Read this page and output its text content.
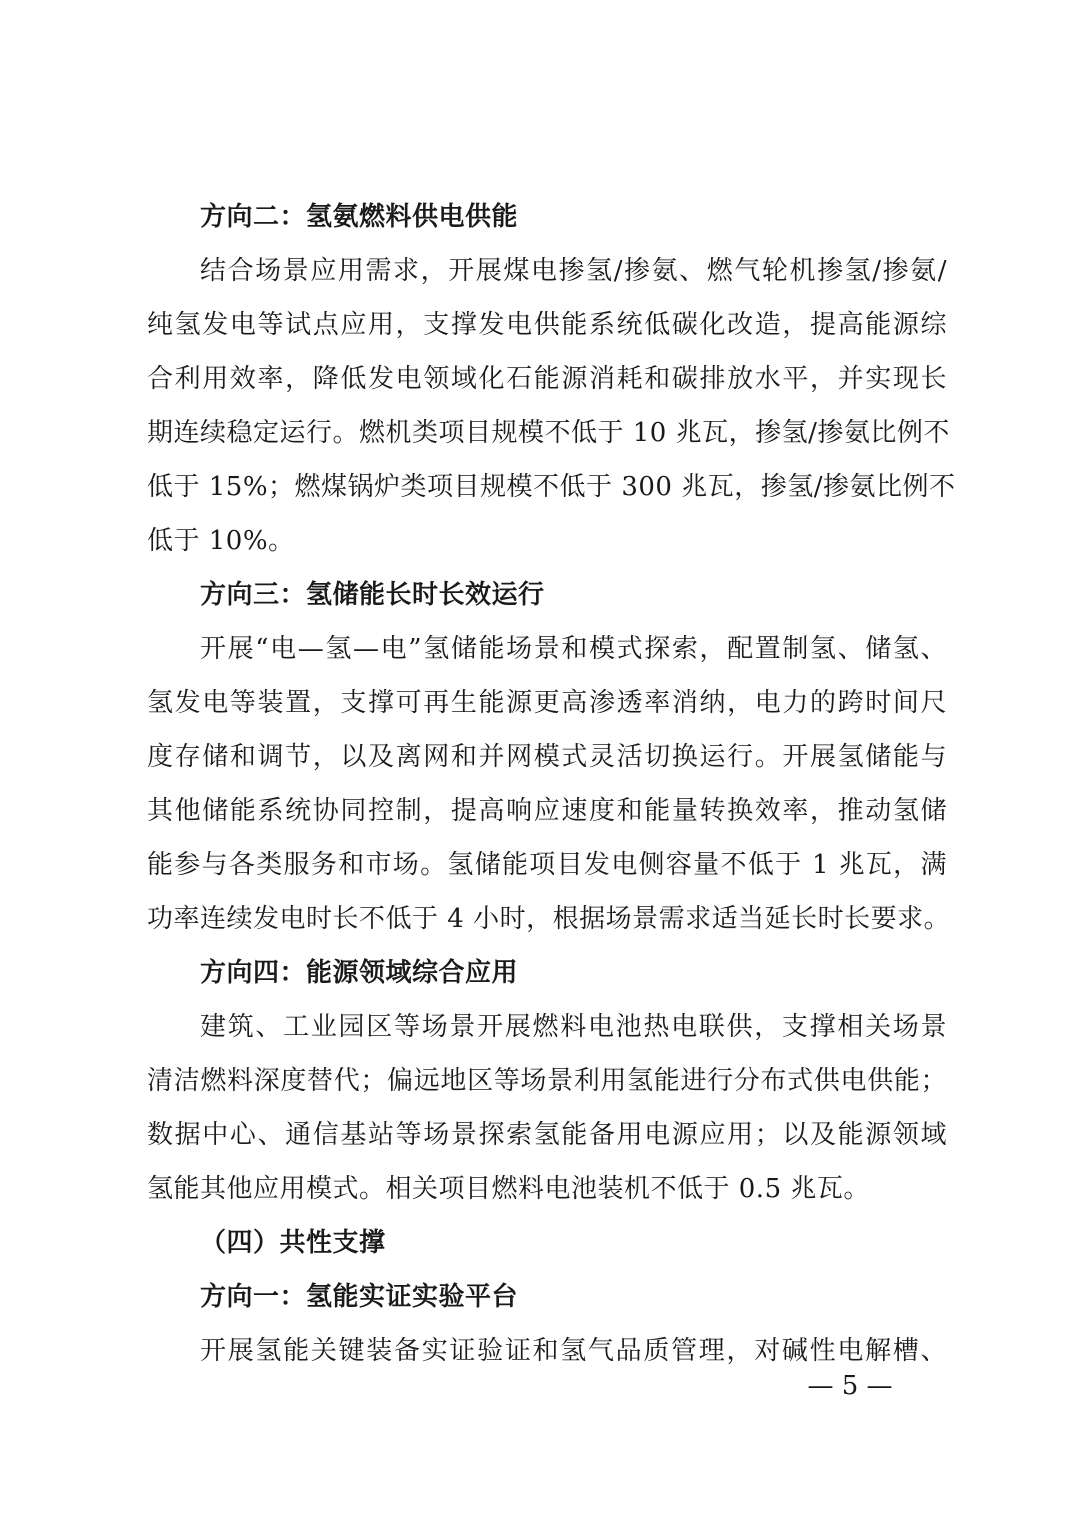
方向二：氢氨燃料供电供能
结合场景应用需求，开展煤电掺氢/掺氨、燃气轮机掺氢/掺氨/
纯氢发电等试点应用，支撑发电供能系统低碳化改造，提高能源综
合利用效率，降低发电领域化石能源消耗和碳排放水平，并实现长
期连续稳定运行。燃机类项目规模不低于 10 兆瓦，掺氢/掺氨比例不
低于 15%；燃煤锅炉类项目规模不低于 300 兆瓦，掺氢/掺氨比例不
低于 10%。
方向三：氢储能长时长效运行
开展“电—氢—电”氢储能场景和模式探索，配置制氢、储氢、
氢发电等装置，支撑可再生能源更高渗透率消纳，电力的跨时间尺
度存储和调节，以及离网和并网模式灵活切换运行。开展氢储能与
其他储能系统协同控制，提高响应速度和能量转换效率，推动氢储
能参与各类服务和市场。氢储能项目发电侧容量不低于 1 兆瓦，满
功率连续发电时长不低于 4 小时，根据场景需求适当延长时长要求。
方向四：能源领域综合应用
建筑、工业园区等场景开展燃料电池热电联供，支撑相关场景
清洁燃料深度替代；偏远地区等场景利用氢能进行分布式供电供能；
数据中心、通信基站等场景探索氢能备用电源应用；以及能源领域
氢能其他应用模式。相关项目燃料电池装机不低于 0.5 兆瓦。
（四）共性支撑
方向一：氢能实证实验平台
开展氢能关键装备实证验证和氢气品质管理，对碱性电解槽、
— 5 —
